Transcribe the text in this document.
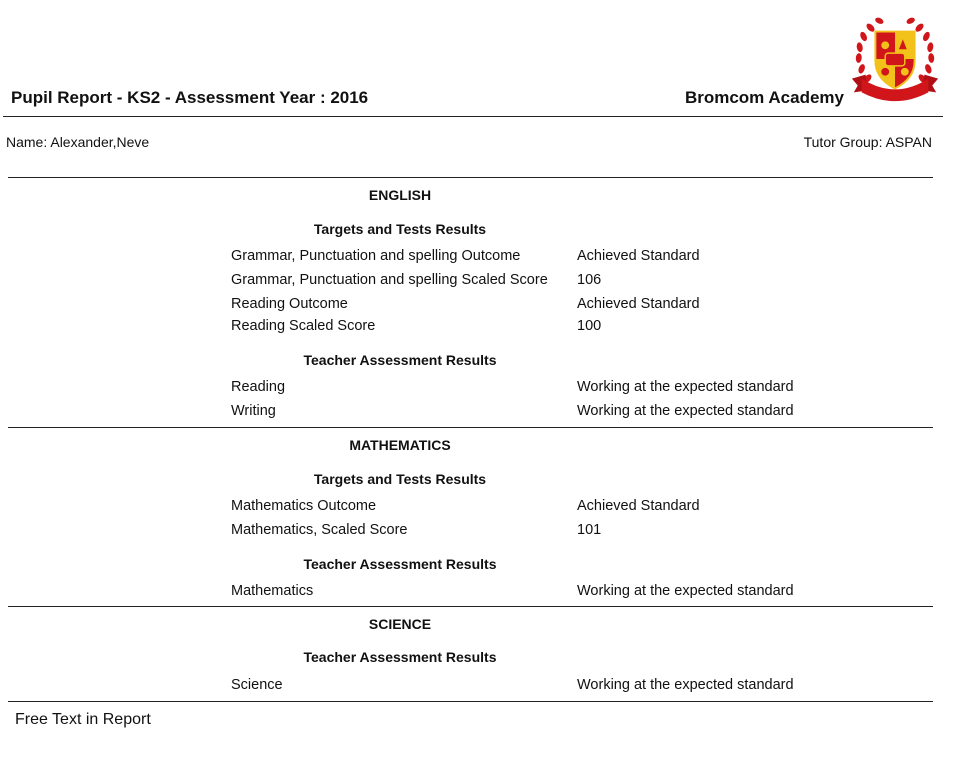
Pupil Report - KS2 - Assessment Year : 2016	Bromcom Academy
Name: Alexander,Neve	Tutor Group: ASPAN
ENGLISH
Targets and Tests Results
Grammar, Punctuation and spelling Outcome	Achieved Standard
Grammar, Punctuation and spelling Scaled Score 106
Reading Outcome	Achieved Standard
Reading Scaled Score	100
Teacher Assessment Results
Reading	Working at the expected standard
Writing	Working at the expected standard
MATHEMATICS
Targets and Tests Results
Mathematics Outcome	Achieved Standard
Mathematics, Scaled Score	101
Teacher Assessment Results
Mathematics	Working at the expected standard
SCIENCE
Teacher Assessment Results
Science	Working at the expected standard
Free Text in Report
